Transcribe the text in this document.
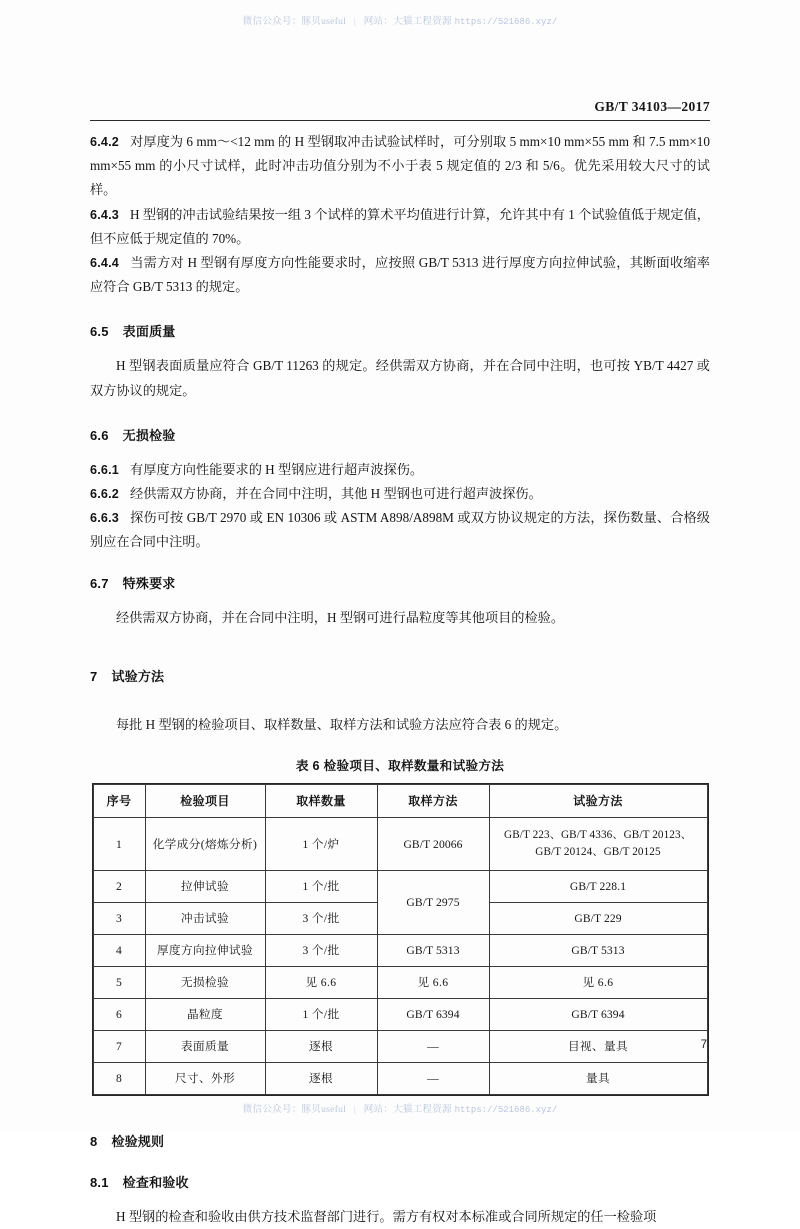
微信公众号：豚贝useful | 网站：大猫工程资源 https://521686.xyz/
GB/T 34103—2017

6.4.2 对厚度为 6 mm～<12 mm 的 H 型钢取冲击试验试样时，可分别取 5 mm×10 mm×55 mm 和 7.5 mm×10 mm×55 mm 的小尺寸试样，此时冲击功值分别为不小于表 5 规定值的 2/3 和 5/6。优先采用较大尺寸的试样。

6.4.3 H 型钢的冲击试验结果按一组 3 个试样的算术平均值进行计算，允许其中有 1 个试验值低于规定值，但不应低于规定值的 70%。

6.4.4 当需方对 H 型钢有厚度方向性能要求时，应按照 GB/T 5313 进行厚度方向拉伸试验，其断面收缩率应符合 GB/T 5313 的规定。

6.5 表面质量

H 型钢表面质量应符合 GB/T 11263 的规定。经供需双方协商，并在合同中注明，也可按 YB/T 4427 或双方协议的规定。

6.6 无损检验

6.6.1 有厚度方向性能要求的 H 型钢应进行超声波探伤。

6.6.2 经供需双方协商，并在合同中注明，其他 H 型钢也可进行超声波探伤。

6.6.3 探伤可按 GB/T 2970 或 EN 10306 或 ASTM A898/A898M 或双方协议规定的方法，探伤数量、合格级别应在合同中注明。

6.7 特殊要求

经供需双方协商，并在合同中注明，H 型钢可进行晶粒度等其他项目的检验。

7 试验方法

每批 H 型钢的检验项目、取样数量、取样方法和试验方法应符合表 6 的规定。

表 6 检验项目、取样数量和试验方法
序号	检验项目	取样数量	取样方法	试验方法
1	化学成分(熔炼分析)	1 个/炉	GB/T 20066	GB/T 223、GB/T 4336、GB/T 20123、
GB/T 20124、GB/T 20125

2	拉伸试验	1 个/批	GB/T 2975	GB/T 228.1
3	冲击试验	3 个/批		GB/T 229
4	厚度方向拉伸试验	3 个/批	GB/T 5313	GB/T 5313
5	无损检验	见 6.6	见 6.6	见 6.6
6	晶粒度	1 个/批	GB/T 6394	GB/T 6394
7	表面质量	逐根	—	目视、量具
8	尺寸、外形	逐根	—	量具
8 检验规则
8.1 检查和验收

H 型钢的检查和验收由供方技术监督部门进行。需方有权对本标准或合同所规定的任一检验项

7
微信公众号：豚贝useful | 网站：大猫工程资源 https://521686.xyz/
